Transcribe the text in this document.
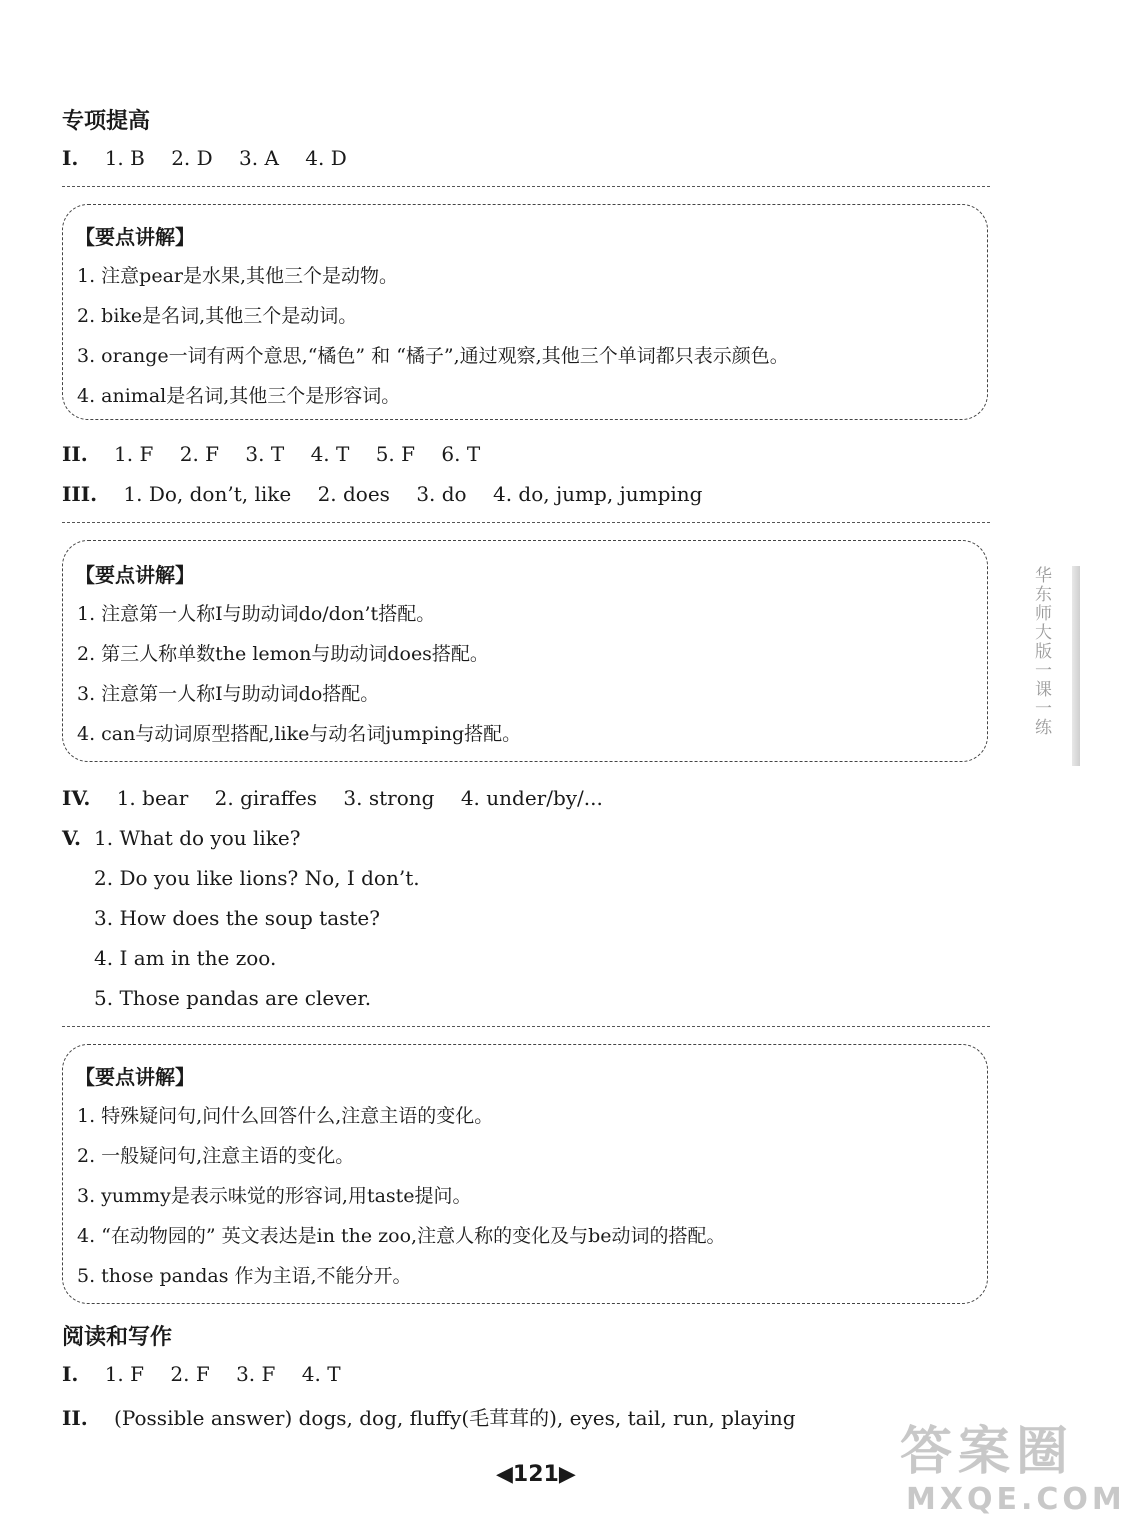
专项提高
I. 1. B 2. D 3. A 4. D
【要点讲解】
1. 注意pear是水果,其他三个是动物。
2. bike是名词,其他三个是动词。
3. orange一词有两个意思,“橘色” 和 “橘子”,通过观察,其他三个单词都只表示颜色。
4. animal是名词,其他三个是形容词。
II. 1. F 2. F 3. T 4. T 5. F 6. T
III. 1. Do, don’t, like 2. does 3. do 4. do, jump, jumping
【要点讲解】
1. 注意第一人称I与助动词do/don’t搭配。
2. 第三人称单数the lemon与助动词does搭配。
3. 注意第一人称I与助动词do搭配。
4. can与动词原型搭配,like与动名词jumping搭配。
IV. 1. bear 2. giraffes 3. strong 4. under/by/...
V. 1. What do you like?
2. Do you like lions? No, I don’t.
3. How does the soup taste?
4. I am in the zoo.
5. Those pandas are clever.
【要点讲解】
1. 特殊疑问句,问什么回答什么,注意主语的变化。
2. 一般疑问句,注意主语的变化。
3. yummy是表示味觉的形容词,用taste提问。
4. “在动物园的” 英文表达是in the zoo,注意人称的变化及与be动词的搭配。
5. those pandas 作为主语,不能分开。
阅读和写作
I. 1. F 2. F 3. F 4. T
II. (Possible answer) dogs, dog, fluffy(毛茸茸的), eyes, tail, run, playing
华东师大版一课一练
◀121▶	答案圈
MXQE.COM
